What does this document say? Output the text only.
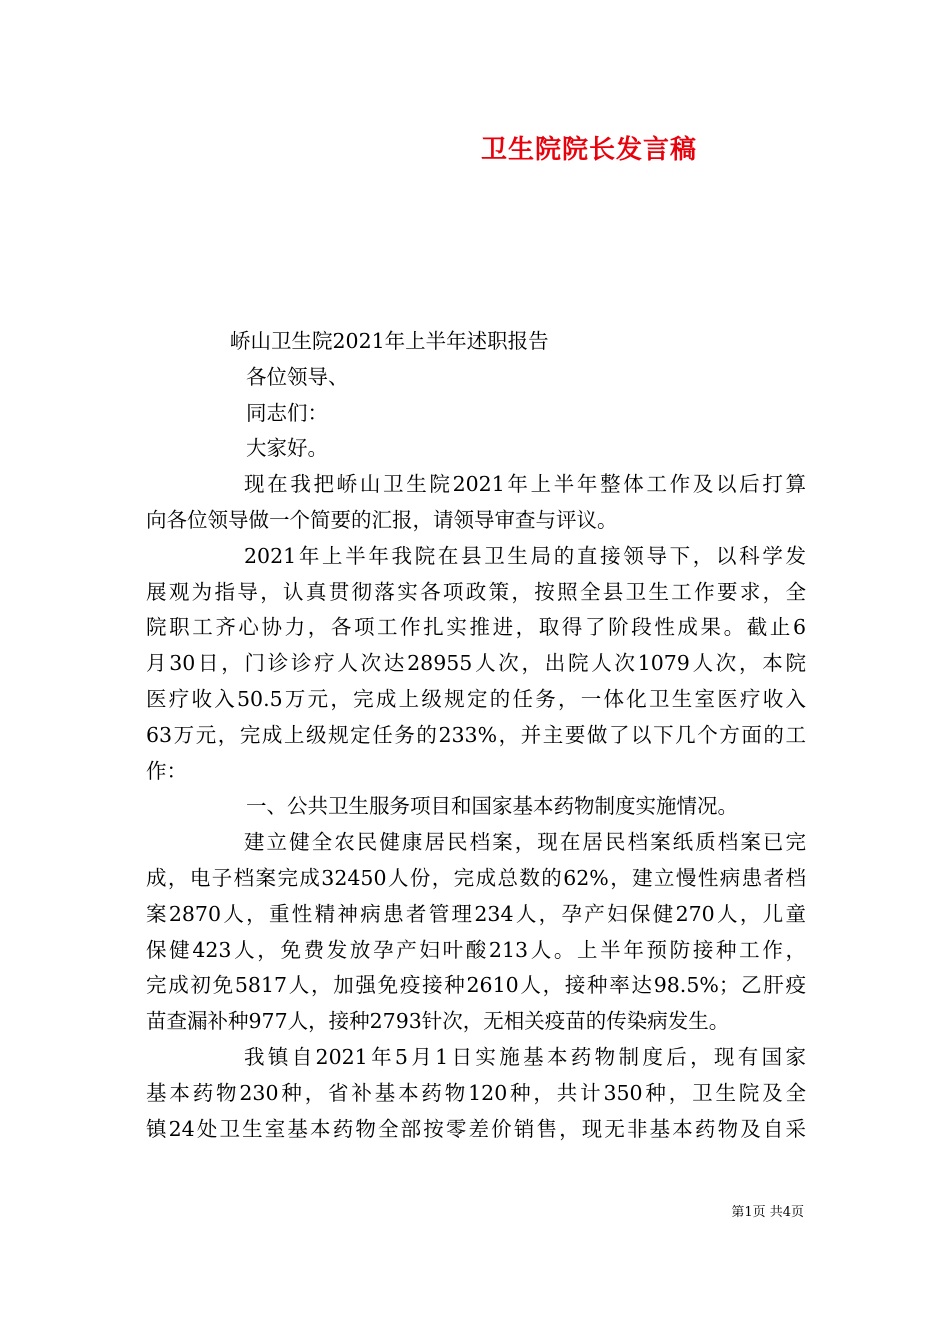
卫生院院长发言稿
峤山卫生院2021年上半年述职报告
各位领导、
同志们：
大家好。
现在我把峤山卫生院2021年上半年整体工作及以后打算
向各位领导做一个简要的汇报，请领导审查与评议。
2021年上半年我院在县卫生局的直接领导下，以科学发
展观为指导，认真贯彻落实各项政策，按照全县卫生工作要求，全
院职工齐心协力，各项工作扎实推进，取得了阶段性成果。截止6
月30日，门诊诊疗人次达28955人次，出院人次1079人次，本院
医疗收入50.5万元，完成上级规定的任务，一体化卫生室医疗收入
63万元，完成上级规定任务的233%，并主要做了以下几个方面的工
作：
一、公共卫生服务项目和国家基本药物制度实施情况。
建立健全农民健康居民档案，现在居民档案纸质档案已完
成，电子档案完成32450人份，完成总数的62%，建立慢性病患者档
案2870人，重性精神病患者管理234人，孕产妇保健270人，儿童
保健423人，免费发放孕产妇叶酸213人。上半年预防接种工作，
完成初免5817人，加强免疫接种2610人，接种率达98.5%；乙肝疫
苗查漏补种977人，接种2793针次，无相关疫苗的传染病发生。
我镇自2021年5月1日实施基本药物制度后，现有国家
基本药物230种，省补基本药物120种，共计350种，卫生院及全
镇24处卫生室基本药物全部按零差价销售，现无非基本药物及自采
第1页 共4页
